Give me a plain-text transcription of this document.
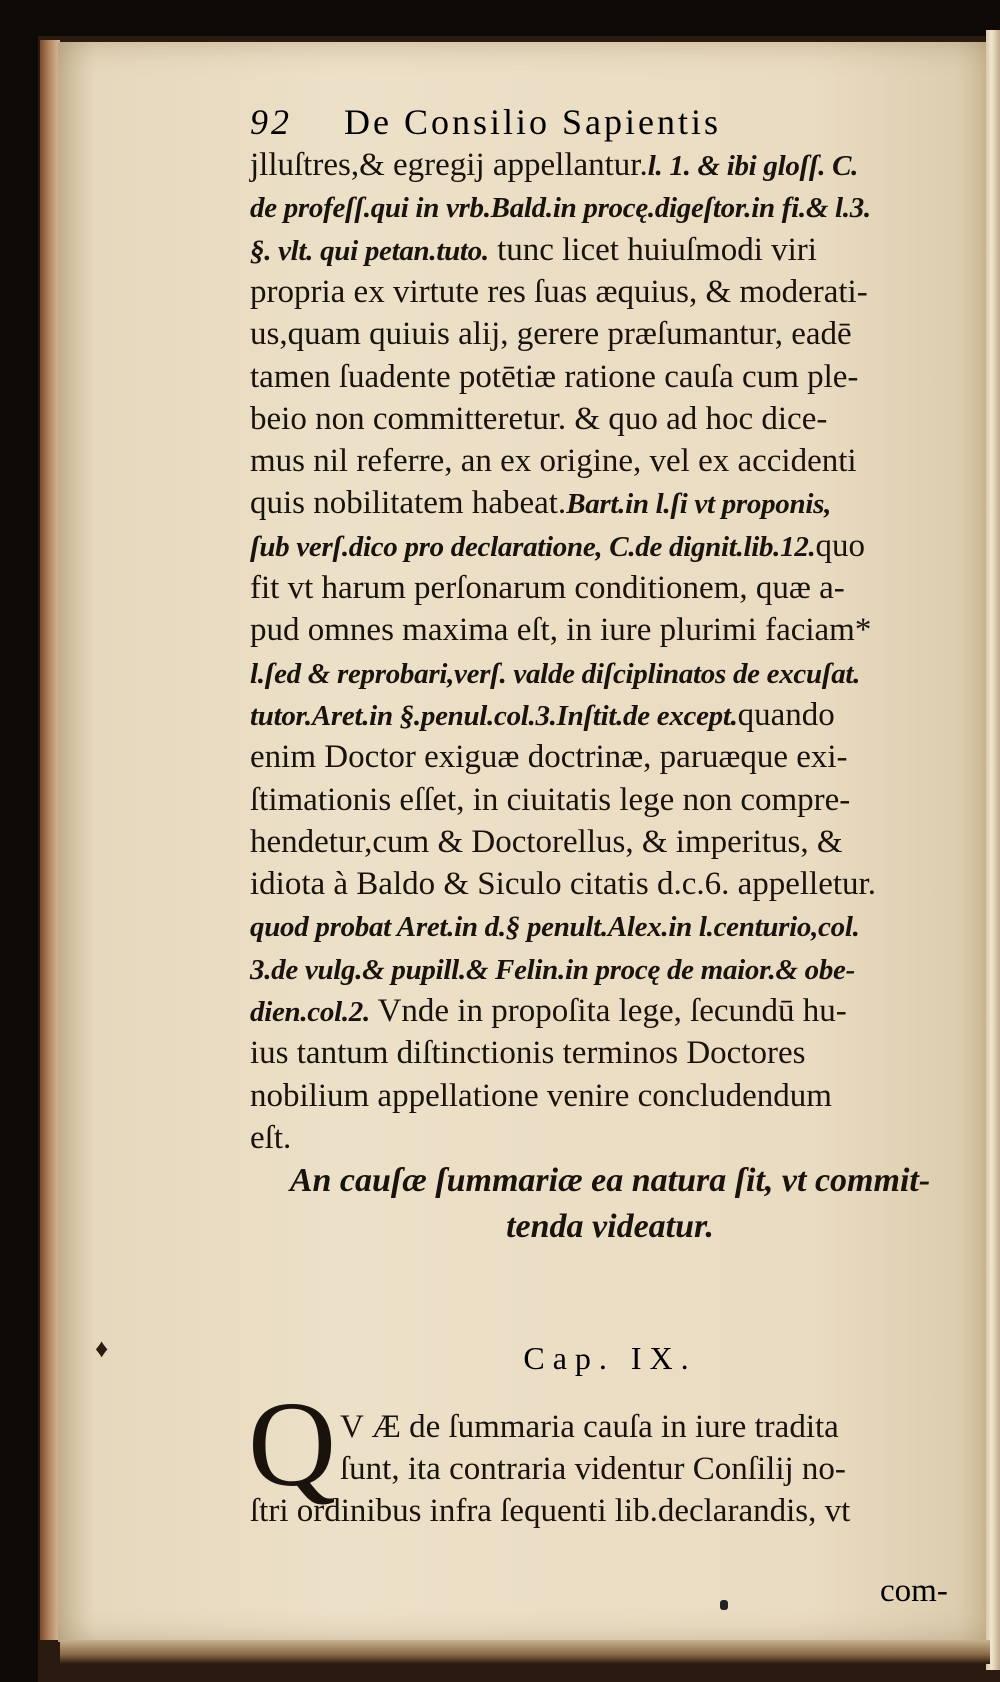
92 De Consilio Sapientis
jlluſtres,& egregij appellantur.l. 1. & ibi gloſſ. C.
de profeſſ.qui in vrb.Bald.in procę.digeſtor.in fi.& l.3.
§. vlt. qui petan.tuto. tunc licet huiuſmodi viri
propria ex virtute res ſuas æquius, & moderati-
us,quam quiuis alij, gerere præſumantur, eadē
tamen ſuadente potētiæ ratione cauſa cum ple-
beio non committeretur. & quo ad hoc dice-
mus nil referre, an ex origine, vel ex accidenti
quis nobilitatem habeat.Bart.in l.ſi vt proponis,
ſub verſ.dico pro declaratione, C.de dignit.lib.12.quo
fit vt harum perſonarum conditionem, quæ a-
pud omnes maxima eſt, in iure plurimi faciam*
l.ſed & reprobari,verſ. valde diſciplinatos de excuſat.
tutor.Aret.in §.penul.col.3.Inſtit.de except.quando
enim Doctor exiguæ doctrinæ, paruæque exi-
ſtimationis eſſet, in ciuitatis lege non compre-
hendetur,cum & Doctorellus, & imperitus, &
idiota à Baldo & Siculo citatis d.c.6. appelletur.
quod probat Aret.in d.§ penult.Alex.in l.centurio,col.
3.de vulg.& pupill.& Felin.in procę de maior.& obe-
dien.col.2. Vnde in propoſita lege, ſecundū hu-
ius tantum diſtinctionis terminos Doctores
nobilium appellatione venire concludendum
eſt.
An cauſæ ſummariæ ea natura ſit, vt commit-
tenda videatur.
♦	Cap. IX.
Q V Æ de ſummaria cauſa in iure tradita
ſunt, ita contraria videntur Conſilij no-
ſtri ordinibus infra ſequenti lib.declarandis, vt
com-
